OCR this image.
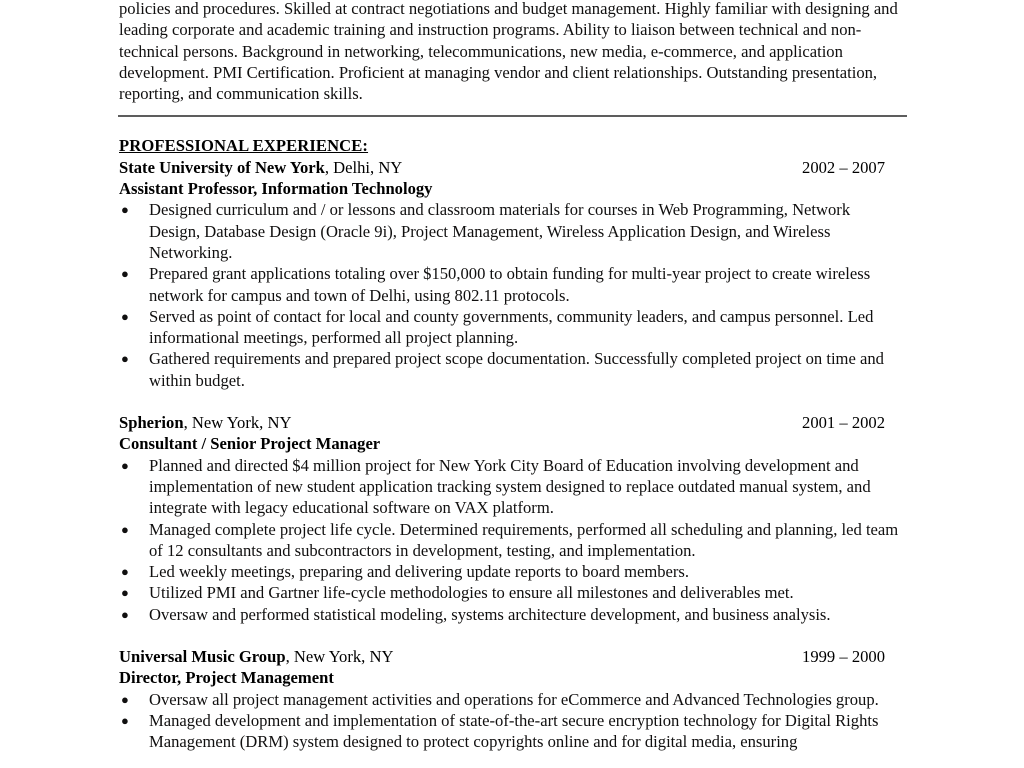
policies and procedures. Skilled at contract negotiations and budget management. Highly familiar with designing and leading corporate and academic training and instruction programs. Ability to liaison between technical and non-technical persons. Background in networking, telecommunications, new media, e-commerce, and application development. PMI Certification. Proficient at managing vendor and client relationships. Outstanding presentation, reporting, and communication skills.

PROFESSIONAL EXPERIENCE:
State University of New York, Delhi, NY	2002 – 2007
Assistant Professor, Information Technology
● Designed curriculum and / or lessons and classroom materials for courses in Web Programming, Network Design, Database Design (Oracle 9i), Project Management, Wireless Application Design, and Wireless Networking.
● Prepared grant applications totaling over $150,000 to obtain funding for multi-year project to create wireless network for campus and town of Delhi, using 802.11 protocols.
● Served as point of contact for local and county governments, community leaders, and campus personnel. Led informational meetings, performed all project planning.
● Gathered requirements and prepared project scope documentation. Successfully completed project on time and within budget.
Spherion, New York, NY	2001 – 2002
Consultant / Senior Project Manager
● Planned and directed $4 million project for New York City Board of Education involving development and implementation of new student application tracking system designed to replace outdated manual system, and integrate with legacy educational software on VAX platform.
● Managed complete project life cycle. Determined requirements, performed all scheduling and planning, led team of 12 consultants and subcontractors in development, testing, and implementation.
● Led weekly meetings, preparing and delivering update reports to board members.
● Utilized PMI and Gartner life-cycle methodologies to ensure all milestones and deliverables met.
● Oversaw and performed statistical modeling, systems architecture development, and business analysis.
Universal Music Group, New York, NY	1999 – 2000
Director, Project Management
● Oversaw all project management activities and operations for eCommerce and Advanced Technologies group.
● Managed development and implementation of state-of-the-art secure encryption technology for Digital Rights Management (DRM) system designed to protect copyrights online and for digital media, ensuring
